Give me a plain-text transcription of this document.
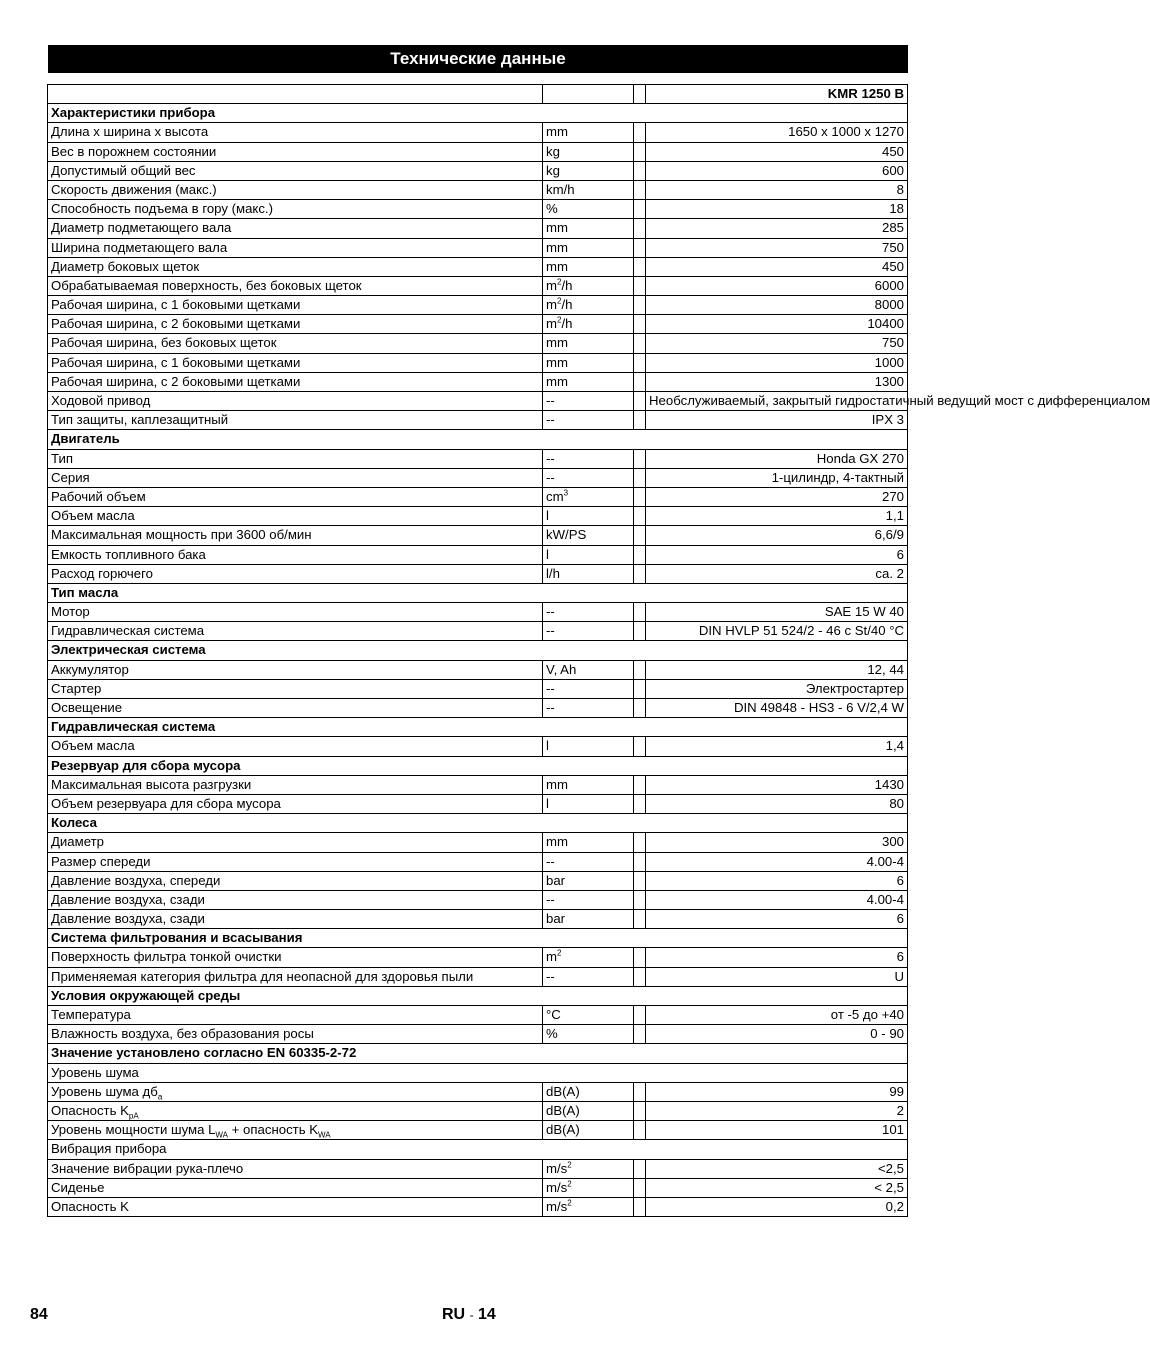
Технические данные
			KMR 1250 B
Характеристики прибора			
Длина x ширина x высота	mm		1650 x 1000 x 1270
Вес в порожнем состоянии	kg		450
Допустимый общий вес	kg		600
Скорость движения (макс.)	km/h		8
Способность подъема в гору (макс.)	%		18
Диаметр подметающего вала	mm		285
Ширина подметающего вала	mm		750
Диаметр боковых щеток	mm		450
Обрабатываемая поверхность, без боковых щеток	$m^2/h$		6000
Рабочая ширина, с 1 боковыми щетками	$m^2/h$		8000
Рабочая ширина, с 2 боковыми щетками	$m^2/h$		10400
Рабочая ширина, без боковых щеток	mm		750
Рабочая ширина, с 1 боковыми щетками	mm		1000
Рабочая ширина, с 2 боковыми щетками	mm		1300
Ходовой привод	--		Необслуживаемый, закрытый гидростатичный ведущий мост с дифференциалом
Тип защиты, каплезащитный	--		IPX 3
Двигатель			
Тип	--		Honda GX 270
Серия	--		1-цилиндр, 4-тактный
Рабочий объем	$cm^3$		270
Объем масла	l		1,1
Максимальная мощность при 3600 об/мин	kW/PS		6,6/9
Емкость топливного бака	l		6
Расход горючего	l/h		ca. 2
Тип масла			
Мотор	--		SAE 15 W 40
Гидравлическая система	--		DIN HVLP 51 524/2 - 46 c St/40 °C
Электрическая система			
Аккумулятор	V, Ah		12, 44
Стартер	--		Электростартер
Освещение	--		DIN 49848 - HS3 - 6 V/2,4 W
Гидравлическая система			
Объем масла	l		1,4
Резервуар для сбора мусора			
Максимальная высота разгрузки	mm		1430
Объем резервуара для сбора мусора	l		80
Колеса			
Диаметр	mm		300
Размер спереди	--		4.00-4
Давление воздуха, спереди	bar		6
Давление воздуха, сзади	--		4.00-4
Давление воздуха, сзади	bar		6
Система фильтрования и всасывания			
Поверхность фильтра тонкой очистки	$m^2$		6
Применяемая категория фильтра для неопасной для здоровья пыли	--		U
Условия окружающей среды			
Температура	°C		от -5 до +40
Влажность воздуха, без образования росы	%		0 - 90
Значение установлено согласно EN 60335-2-72			
Уровень шума			
Уровень шума $дб_a$	dB(A)		99
Опасность $K_{pA}$	dB(A)		2
Уровень мощности шума $L_{WA}$ + опасность $K_{WA}$	dB(A)		101
Вибрация прибора			
Значение вибрации рука-плечо	$m/s^2$		<2,5
Сиденье	$m/s^2$		< 2,5
Опасность K	$m/s^2$		0,2
84	RU - 14
